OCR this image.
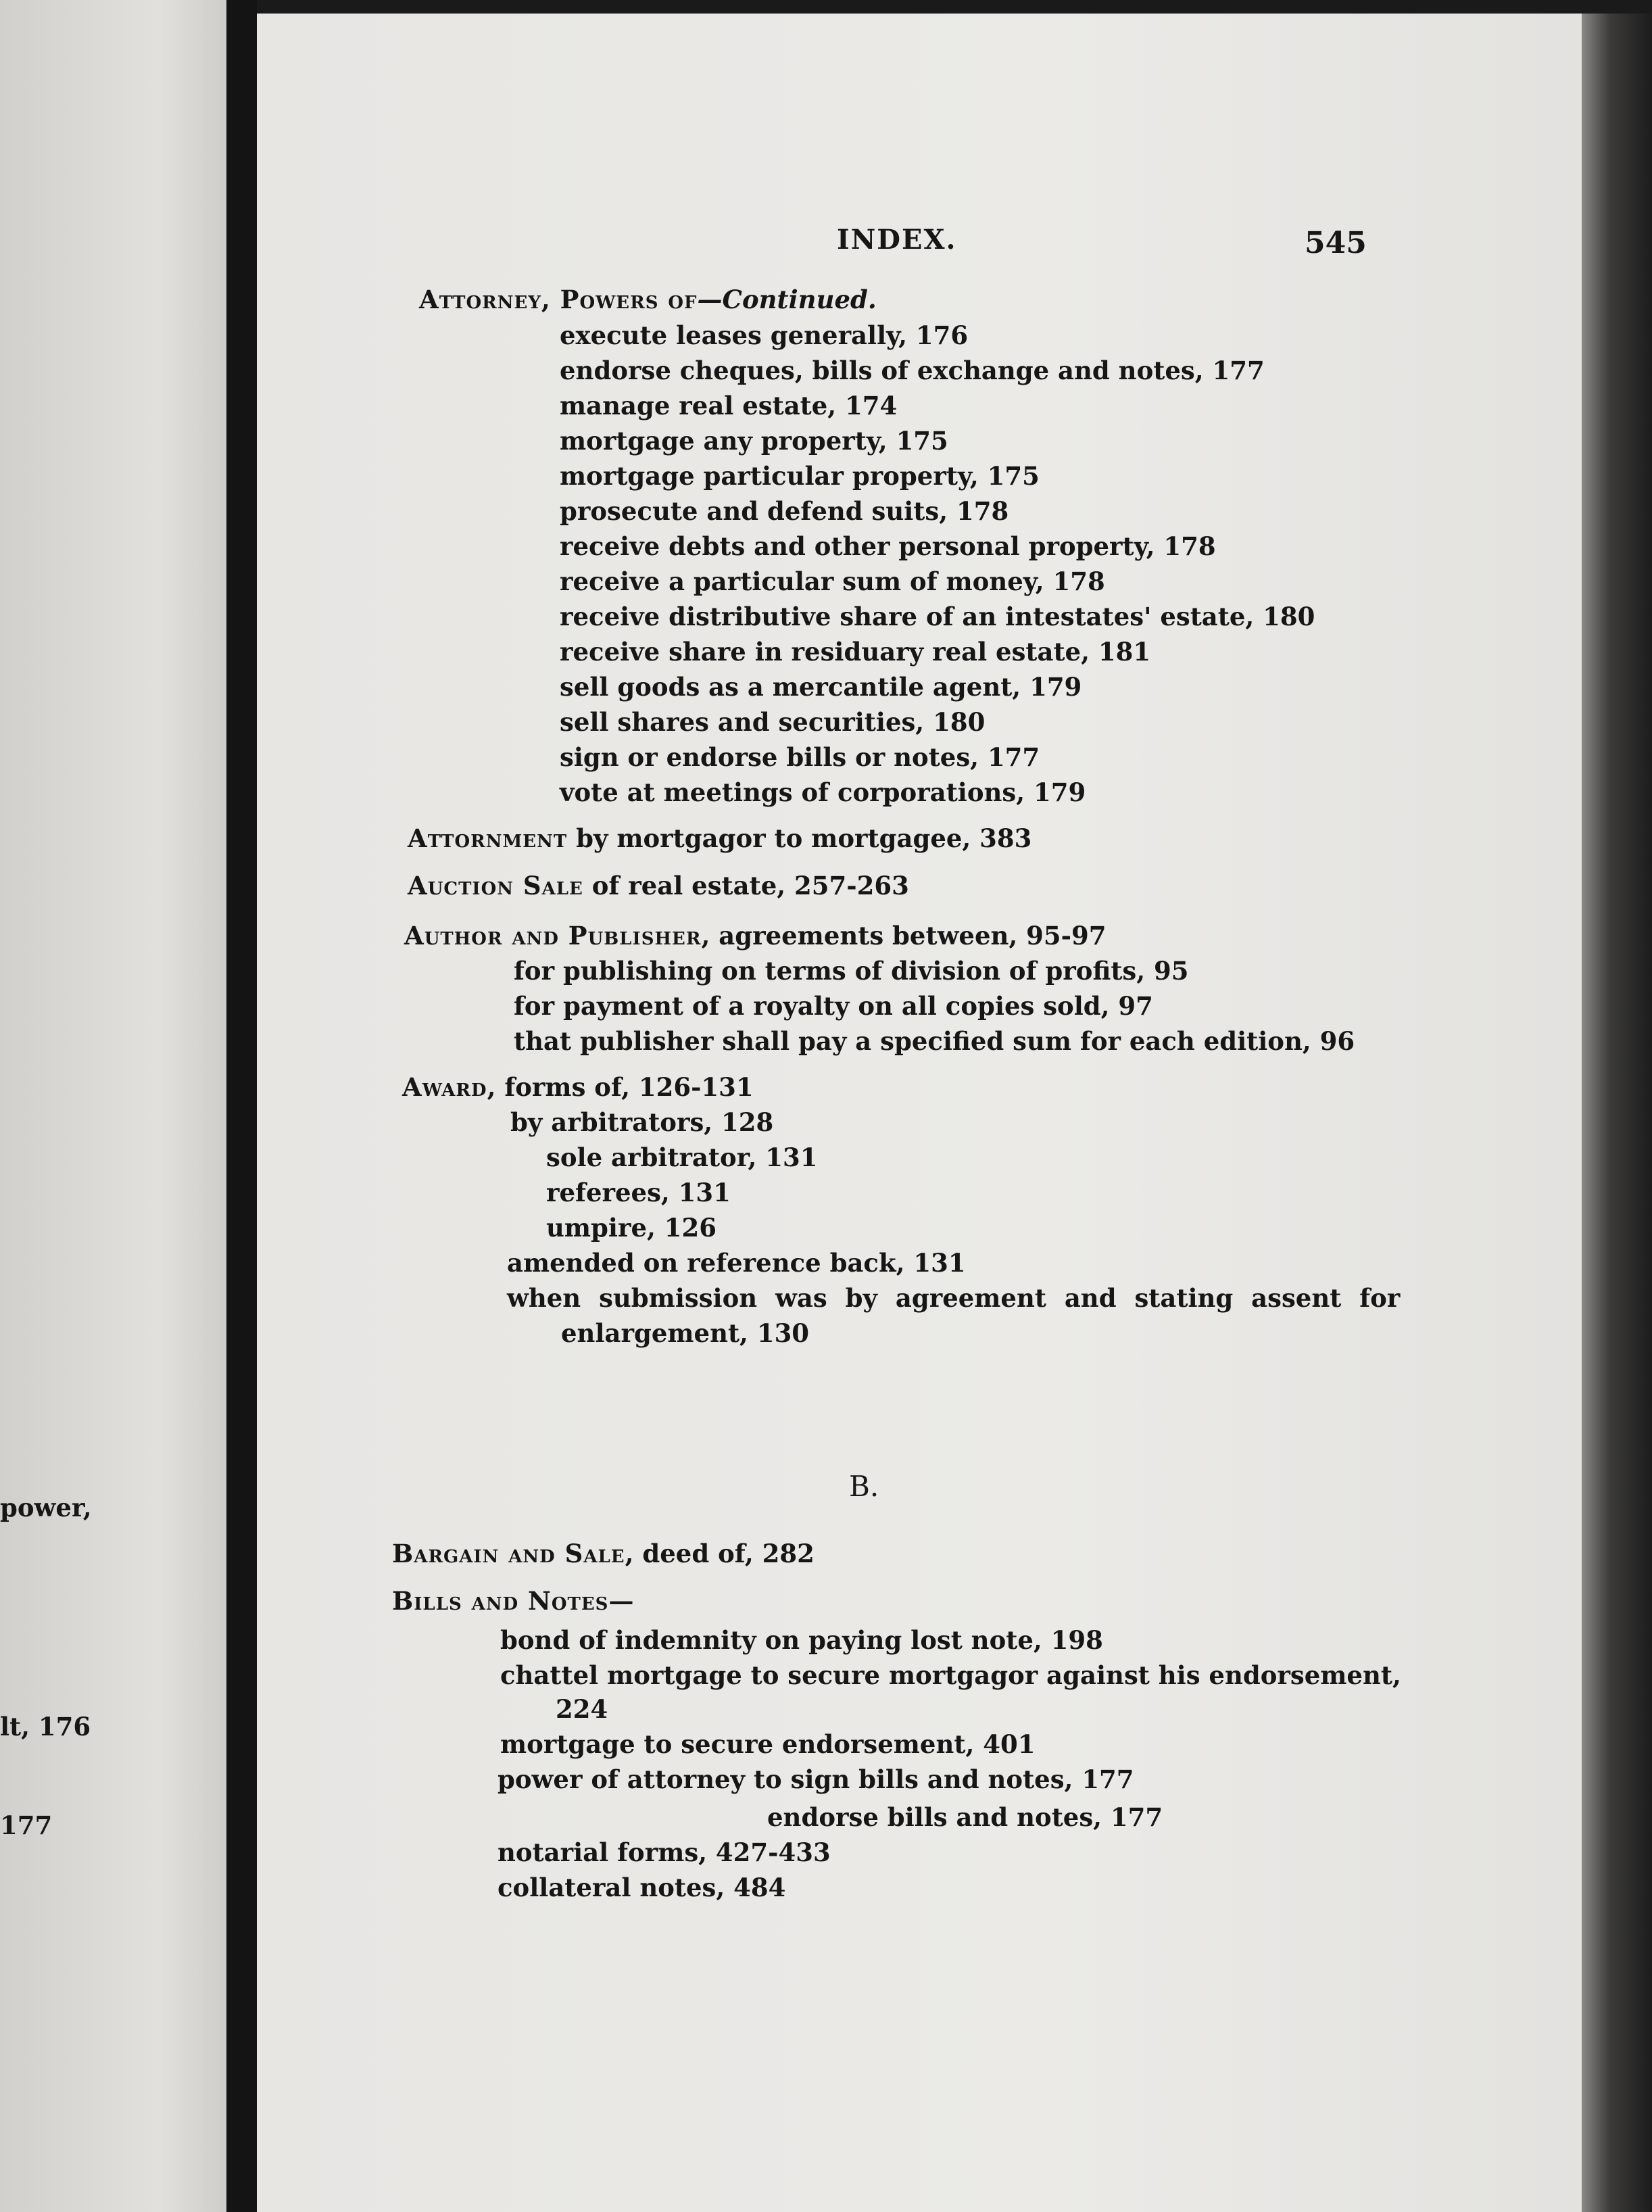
power,
lt, 176
177
INDEX.	545
Attorney, Powers of—Continued.
execute leases generally, 176
endorse cheques, bills of exchange and notes, 177
manage real estate, 174
mortgage any property, 175
mortgage particular property, 175
prosecute and defend suits, 178
receive debts and other personal property, 178
receive a particular sum of money, 178
receive distributive share of an intestates' estate, 180
receive share in residuary real estate, 181
sell goods as a mercantile agent, 179
sell shares and securities, 180
sign or endorse bills or notes, 177
vote at meetings of corporations, 179
Attornment by mortgagor to mortgagee, 383
Auction Sale of real estate, 257-263
Author and Publisher, agreements between, 95-97
for publishing on terms of division of profits, 95
for payment of a royalty on all copies sold, 97
that publisher shall pay a specified sum for each edition, 96
Award, forms of, 126-131
by arbitrators, 128
sole arbitrator, 131
referees, 131
umpire, 126
amended on reference back, 131
when submission was by agreement and stating assent for
enlargement, 130
B.
Bargain and Sale, deed of, 282
Bills and Notes—
bond of indemnity on paying lost note, 198
chattel mortgage to secure mortgagor against his endorsement,
224
mortgage to secure endorsement, 401
power of attorney to sign bills and notes, 177
endorse bills and notes, 177
notarial forms, 427-433
collateral notes, 484
